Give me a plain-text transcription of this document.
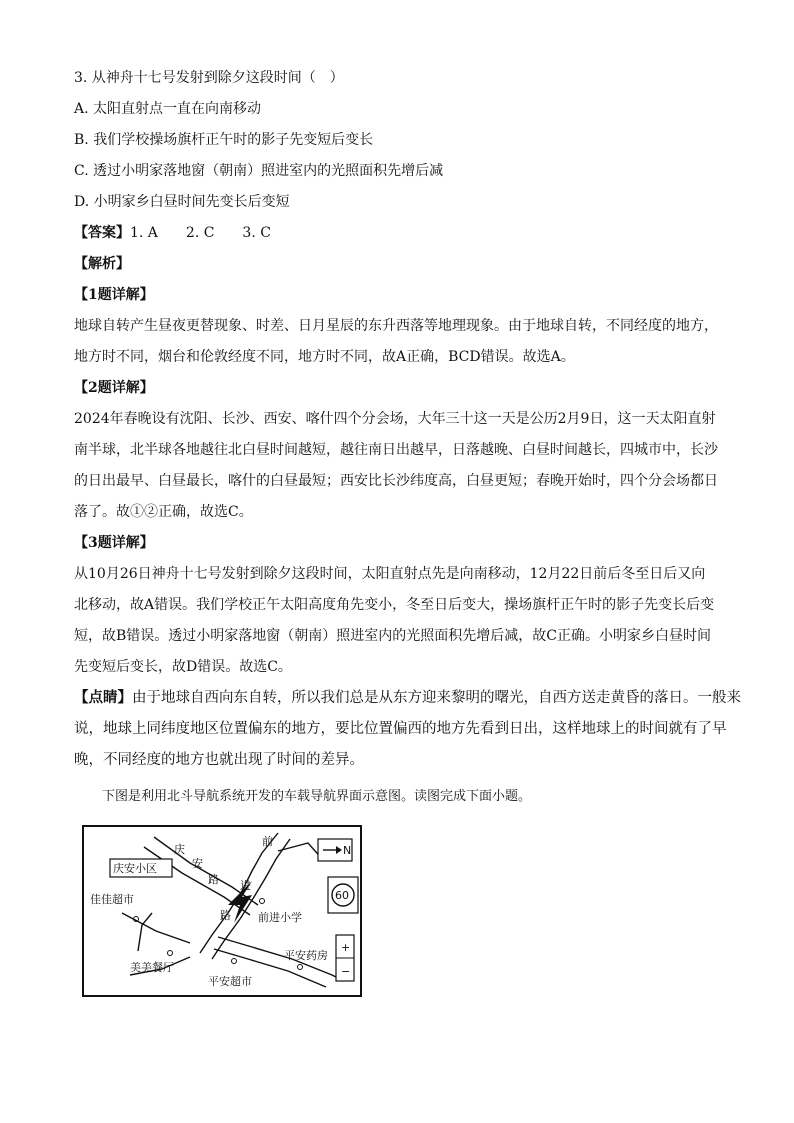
3. 从神舟十七号发射到除夕这段时间（　）
A. 太阳直射点一直在向南移动
B. 我们学校操场旗杆正午时的影子先变短后变长
C. 透过小明家落地窗（朝南）照进室内的光照面积先增后减
D. 小明家乡白昼时间先变长后变短
【答案】1. A　　2. C　　3. C
【解析】
【1题详解】
地球自转产生昼夜更替现象、时差、日月星辰的东升西落等地理现象。由于地球自转，不同经度的地方，
地方时不同，烟台和伦敦经度不同，地方时不同，故A正确，BCD错误。故选A。
【2题详解】
2024年春晚设有沈阳、长沙、西安、喀什四个分会场，大年三十这一天是公历2月9日，这一天太阳直射
南半球，北半球各地越往北白昼时间越短，越往南日出越早，日落越晚、白昼时间越长，四城市中，长沙
的日出最早、白昼最长，喀什的白昼最短；西安比长沙纬度高，白昼更短；春晚开始时，四个分会场都日
落了。故①②正确，故选C。
【3题详解】
从10月26日神舟十七号发射到除夕这段时间，太阳直射点先是向南移动，12月22日前后冬至日后又向
北移动，故A错误。我们学校正午太阳高度角先变小，冬至日后变大，操场旗杆正午时的影子先变长后变
短，故B错误。透过小明家落地窗（朝南）照进室内的光照面积先增后减，故C正确。小明家乡白昼时间
先变短后变长，故D错误。故选C。
【点睛】由于地球自西向东自转，所以我们总是从东方迎来黎明的曙光，自西方送走黄昏的落日。一般来
说，地球上同纬度地区位置偏东的地方，要比位置偏西的地方先看到日出，这样地球上的时间就有了早
晚，不同经度的地方也就出现了时间的差异。
下图是利用北斗导航系统开发的车载导航界面示意图。读图完成下面小题。
庆安小区
庆
安
路
前
进
路
佳佳超市
美美餐厅
平安超市
平安药房
前进小学
N
60
+
−
